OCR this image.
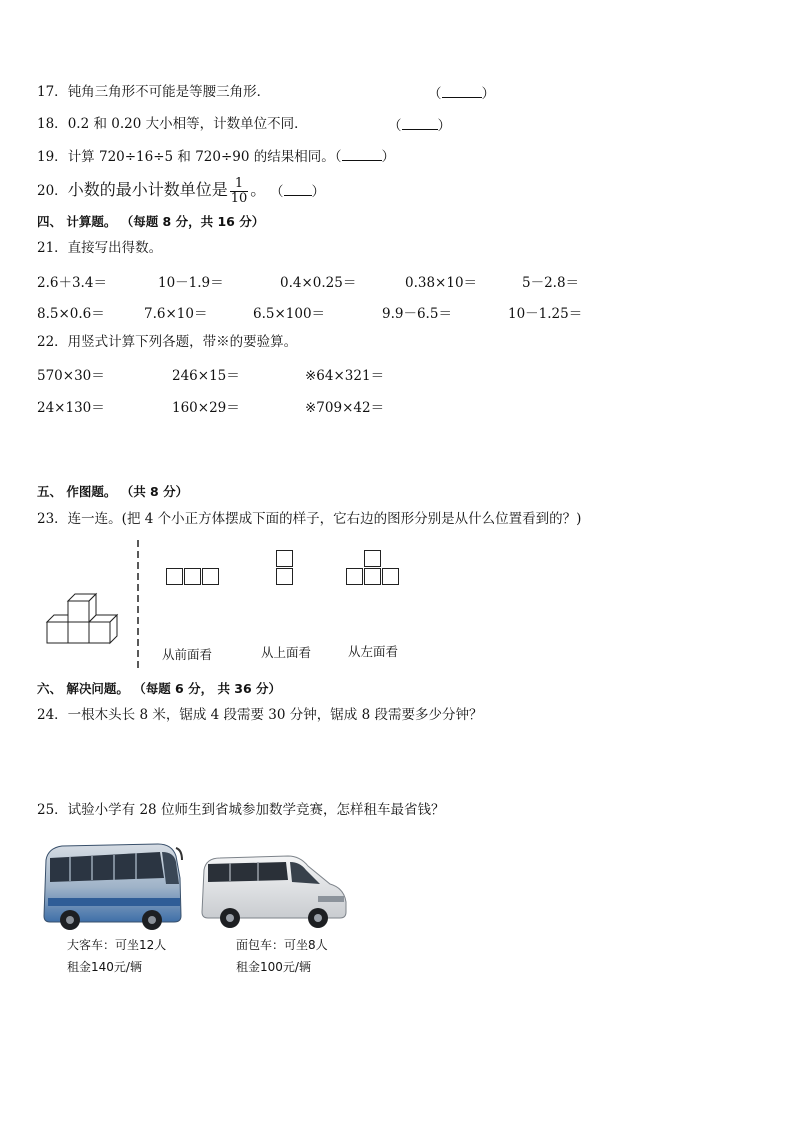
17．钝角三角形不可能是等腰三角形．	（	）
18．0.2 和 0.20 大小相等，计数单位不同．	（	）
19．计算 720÷16÷5 和 720÷90 的结果相同。（	）
20．小数的最小计数单位是 $\frac{1}{10}$ 。 （ ）
四、 计算题。 （每题 8 分，共 16 分）
21．直接写出得数。
2.6＋3.4＝	10－1.9＝	0.4×0.25＝	0.38×10＝	5－2.8＝
8.5×0.6＝	7.6×10＝	6.5×100＝	9.9－6.5＝	10－1.25＝
22．用竖式计算下列各题，带※的要验算。
570×30＝	246×15＝	※64×321＝
24×130＝	160×29＝	※709×42＝
五、 作图题。 （共 8 分）
23．连一连。(把 4 个小正方体摆成下面的样子，它右边的图形分别是从什么位置看到的？)
从前面看	从上面看	从左面看
六、 解决问题。 （每题 6 分， 共 36 分）
24．一根木头长 8 米，锯成 4 段需要 30 分钟，锯成 8 段需要多少分钟？
25．试验小学有 28 位师生到省城参加数学竞赛，怎样租车最省钱？
大客车：可坐12人
租金140元/辆
面包车：可坐8人
租金100元/辆
